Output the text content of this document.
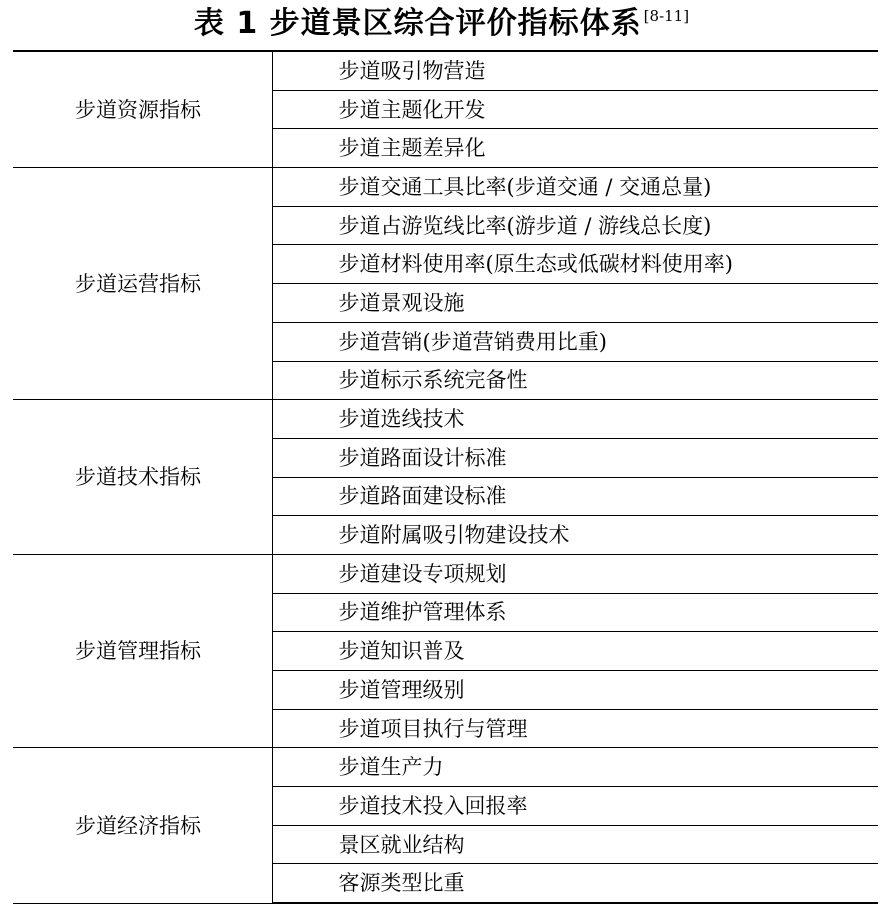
表 1 步道景区综合评价指标体系 [8-11]
步道资源指标	步道吸引物营造
	步道主题化开发
	步道主题差异化
步道运营指标	步道交通工具比率(步道交通 / 交通总量)
	步道占游览线比率(游步道 / 游线总长度)
	步道材料使用率(原生态或低碳材料使用率)
	步道景观设施
	步道营销(步道营销费用比重)
	步道标示系统完备性
步道技术指标	步道选线技术
	步道路面设计标准
	步道路面建设标准
	步道附属吸引物建设技术
步道管理指标	步道建设专项规划
	步道维护管理体系
	步道知识普及
	步道管理级别
	步道项目执行与管理
步道经济指标	步道生产力
	步道技术投入回报率
	景区就业结构
	客源类型比重
